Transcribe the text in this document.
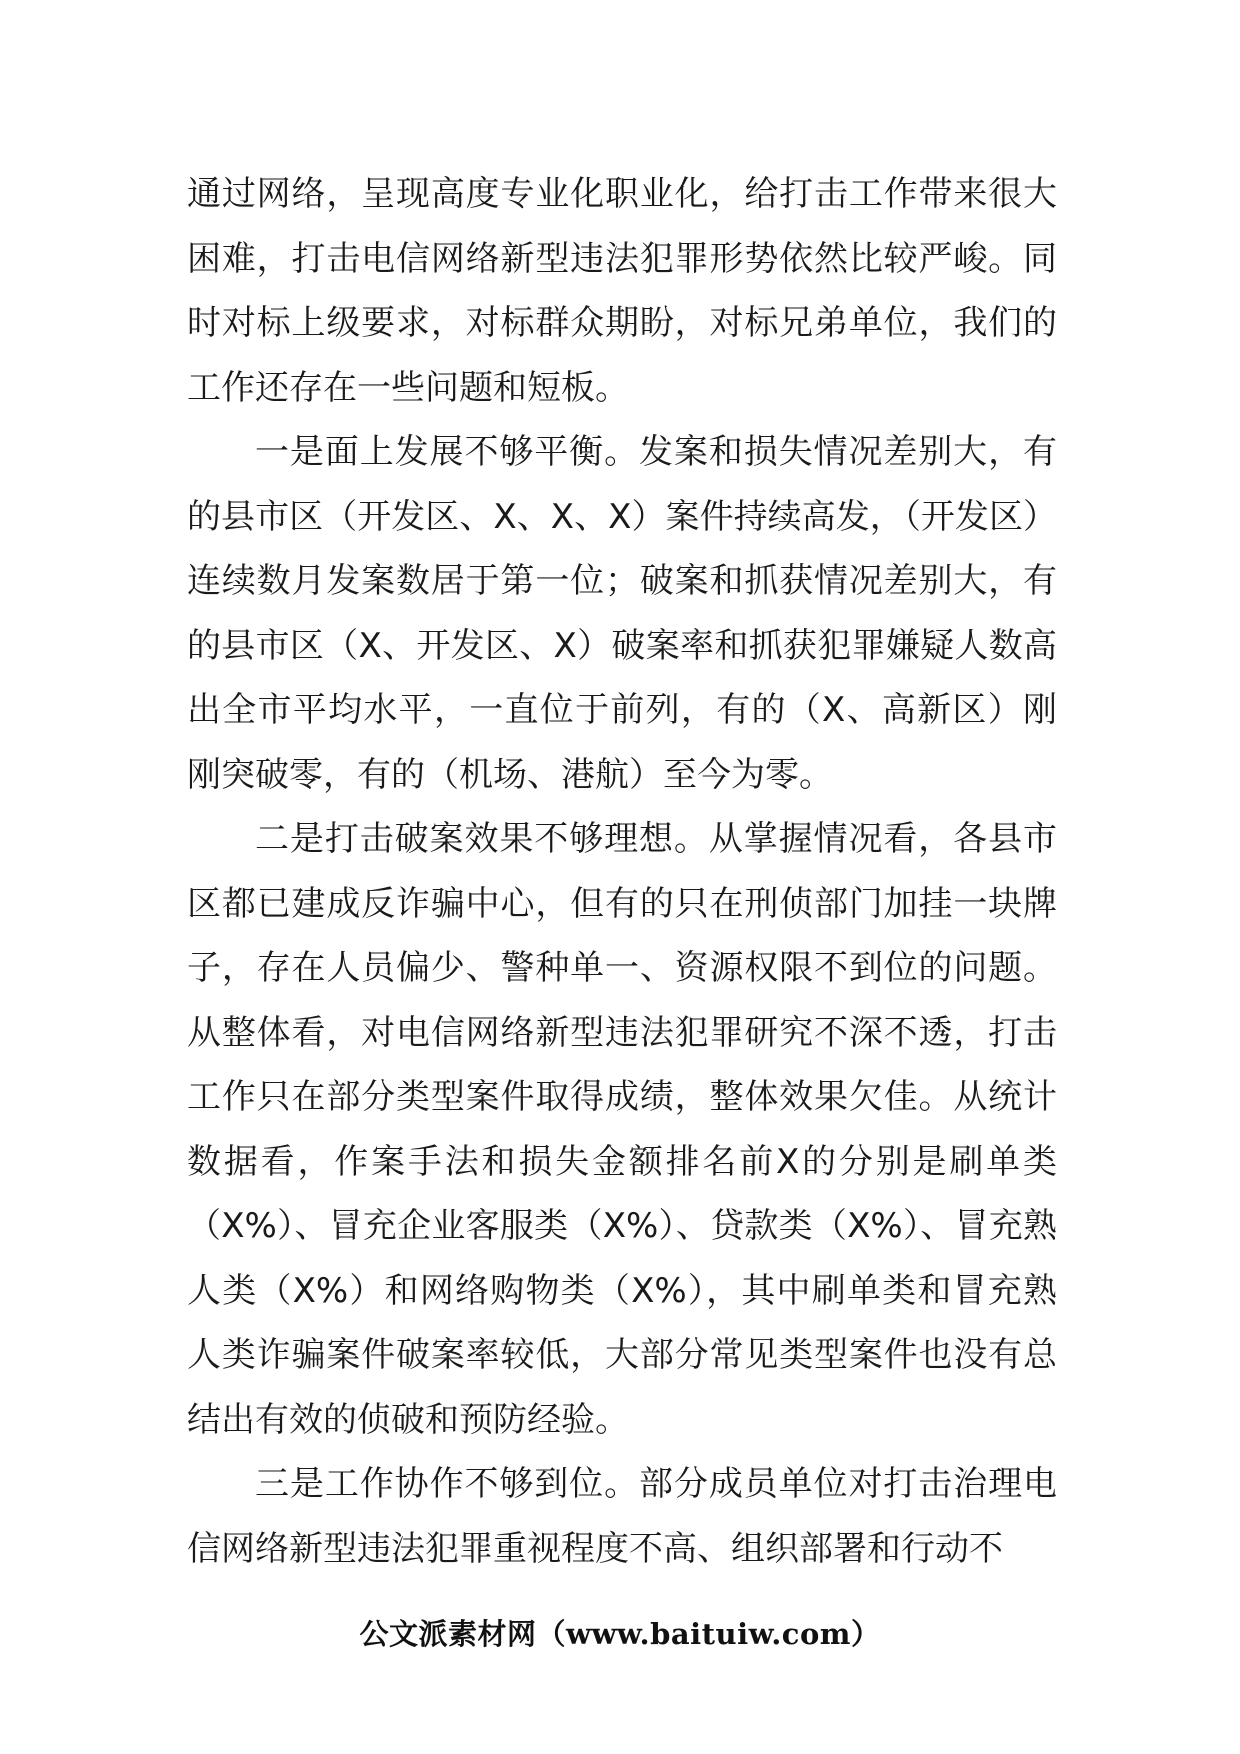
通过网络，呈现高度专业化职业化，给打击工作带来很大困难，打击电信网络新型违法犯罪形势依然比较严峻。同时对标上级要求，对标群众期盼，对标兄弟单位，我们的工作还存在一些问题和短板。

一是面上发展不够平衡。发案和损失情况差别大，有的县市区（开发区、X、X、X）案件持续高发，（开发区）连续数月发案数居于第一位；破案和抓获情况差别大，有的县市区（X、开发区、X）破案率和抓获犯罪嫌疑人数高出全市平均水平，一直位于前列，有的（X、高新区）刚刚突破零，有的（机场、港航）至今为零。

二是打击破案效果不够理想。从掌握情况看，各县市区都已建成反诈骗中心，但有的只在刑侦部门加挂一块牌子，存在人员偏少、警种单一、资源权限不到位的问题。从整体看，对电信网络新型违法犯罪研究不深不透，打击工作只在部分类型案件取得成绩，整体效果欠佳。从统计数据看，作案手法和损失金额排名前X的分别是刷单类（X%）、冒充企业客服类（X%）、贷款类（X%）、冒充熟人类（X%）和网络购物类（X%），其中刷单类和冒充熟人类诈骗案件破案率较低，大部分常见类型案件也没有总结出有效的侦破和预防经验。

三是工作协作不够到位。部分成员单位对打击治理电信网络新型违法犯罪重视程度不高、组织部署和行动不

公文派素材网（www.baituiw.com）
